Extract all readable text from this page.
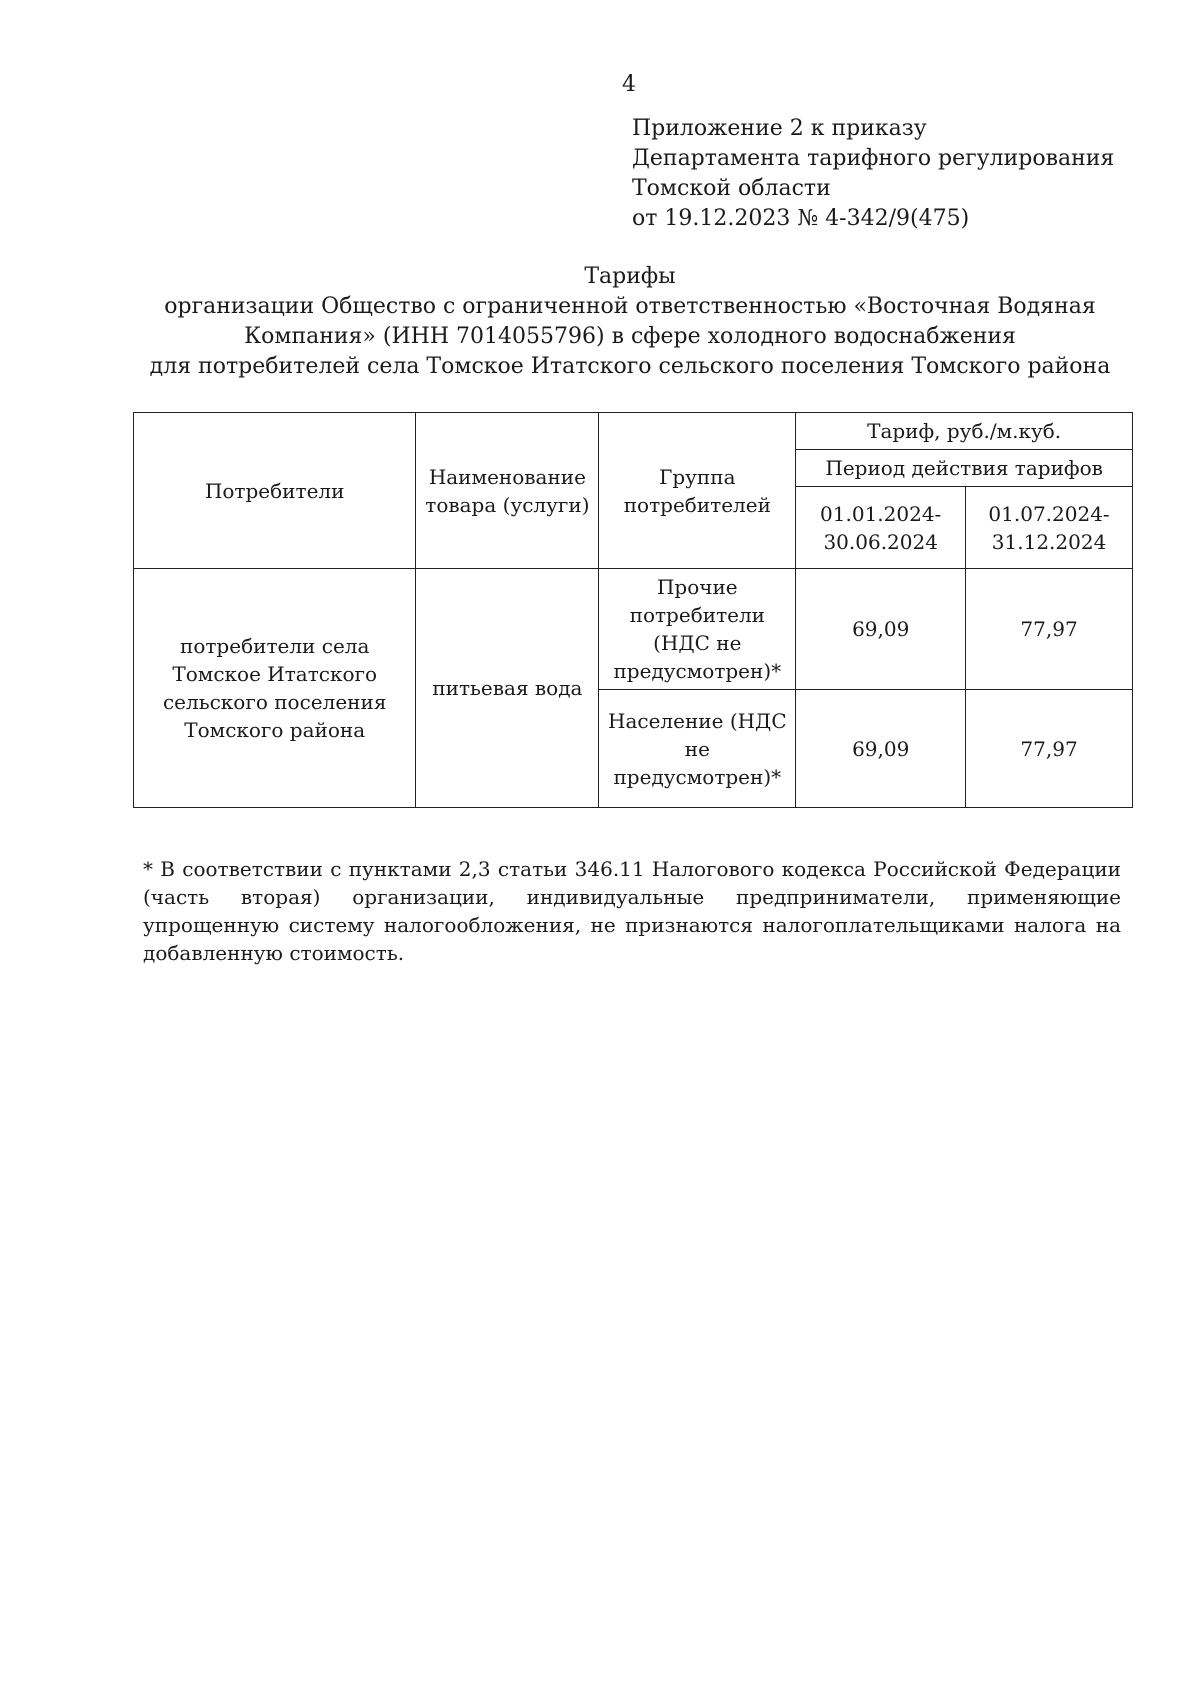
4
Приложение 2 к приказу
Департамента тарифного регулирования
Томской области
от 19.12.2023 № 4-342/9(475)
Тарифы
организации Общество с ограниченной ответственностью «Восточная Водяная
Компания» (ИНН 7014055796) в сфере холодного водоснабжения
для потребителей села Томское Итатского сельского поселения Томского района
Потребители	Наименование товара (услуги)	Группа потребителей	Тариф, руб./м.куб.	
			Период действия тарифов	
			01.01.2024-30.06.2024	01.07.2024-31.12.2024
потребители села Томское Итатского сельского поселения Томского района	питьевая вода	Прочие потребители (НДС не предусмотрен)*	69,09	77,97
		Население (НДС не предусмотрен)*	69,09	77,97
* В соответствии с пунктами 2,3 статьи 346.11 Налогового кодекса Российской Федерации (часть вторая) организации, индивидуальные предприниматели, применяющие упрощенную систему налогообложения, не признаются налогоплательщиками налога на добавленную стоимость.
